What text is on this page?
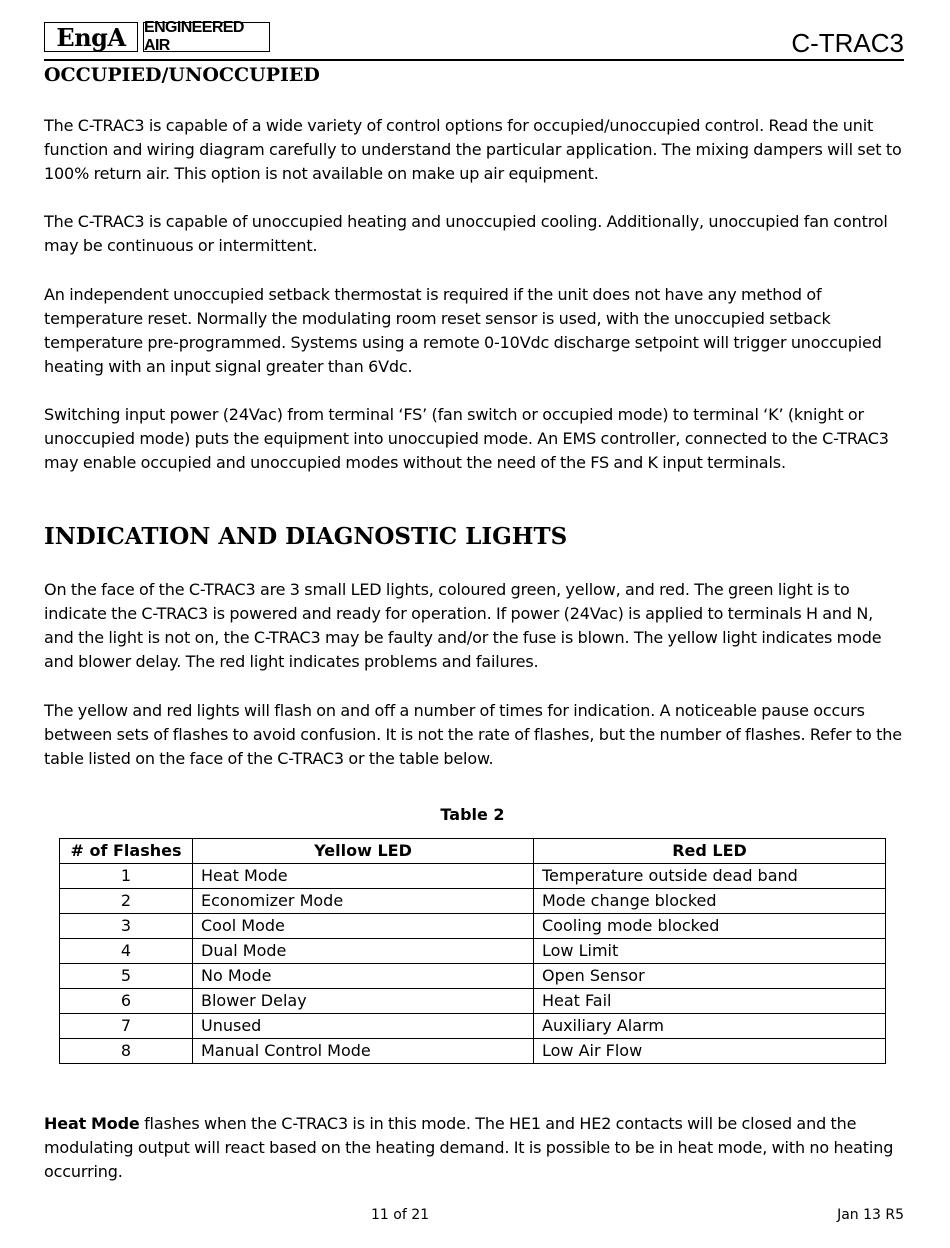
EngA	ENGINEERED AIR	C-TRAC3
OCCUPIED/UNOCCUPIED

The C-TRAC3 is capable of a wide variety of control options for occupied/unoccupied control. Read the unit function and wiring diagram carefully to understand the particular application. The mixing dampers will set to 100% return air. This option is not available on make up air equipment.

The C-TRAC3 is capable of unoccupied heating and unoccupied cooling. Additionally, unoccupied fan control may be continuous or intermittent.

An independent unoccupied setback thermostat is required if the unit does not have any method of temperature reset. Normally the modulating room reset sensor is used, with the unoccupied setback temperature pre-programmed. Systems using a remote 0-10Vdc discharge setpoint will trigger unoccupied heating with an input signal greater than 6Vdc.

Switching input power (24Vac) from terminal ‘FS’ (fan switch or occupied mode) to terminal ‘K’ (knight or unoccupied mode) puts the equipment into unoccupied mode. An EMS controller, connected to the C-TRAC3 may enable occupied and unoccupied modes without the need of the FS and K input terminals.

INDICATION AND DIAGNOSTIC LIGHTS

On the face of the C-TRAC3 are 3 small LED lights, coloured green, yellow, and red. The green light is to indicate the C-TRAC3 is powered and ready for operation. If power (24Vac) is applied to terminals H and N, and the light is not on, the C-TRAC3 may be faulty and/or the fuse is blown. The yellow light indicates mode and blower delay. The red light indicates problems and failures.

The yellow and red lights will flash on and off a number of times for indication. A noticeable pause occurs between sets of flashes to avoid confusion. It is not the rate of flashes, but the number of flashes. Refer to the table listed on the face of the C-TRAC3 or the table below.

Table 2
# of Flashes	Yellow LED	Red LED
1	Heat Mode	Temperature outside dead band
2	Economizer Mode	Mode change blocked
3	Cool Mode	Cooling mode blocked
4	Dual Mode	Low Limit
5	No Mode	Open Sensor
6	Blower Delay	Heat Fail
7	Unused	Auxiliary Alarm
8	Manual Control Mode	Low Air Flow

Heat Mode flashes when the C-TRAC3 is in this mode. The HE1 and HE2 contacts will be closed and the modulating output will react based on the heating demand. It is possible to be in heat mode, with no heating occurring.

11 of 21	Jan 13 R5
